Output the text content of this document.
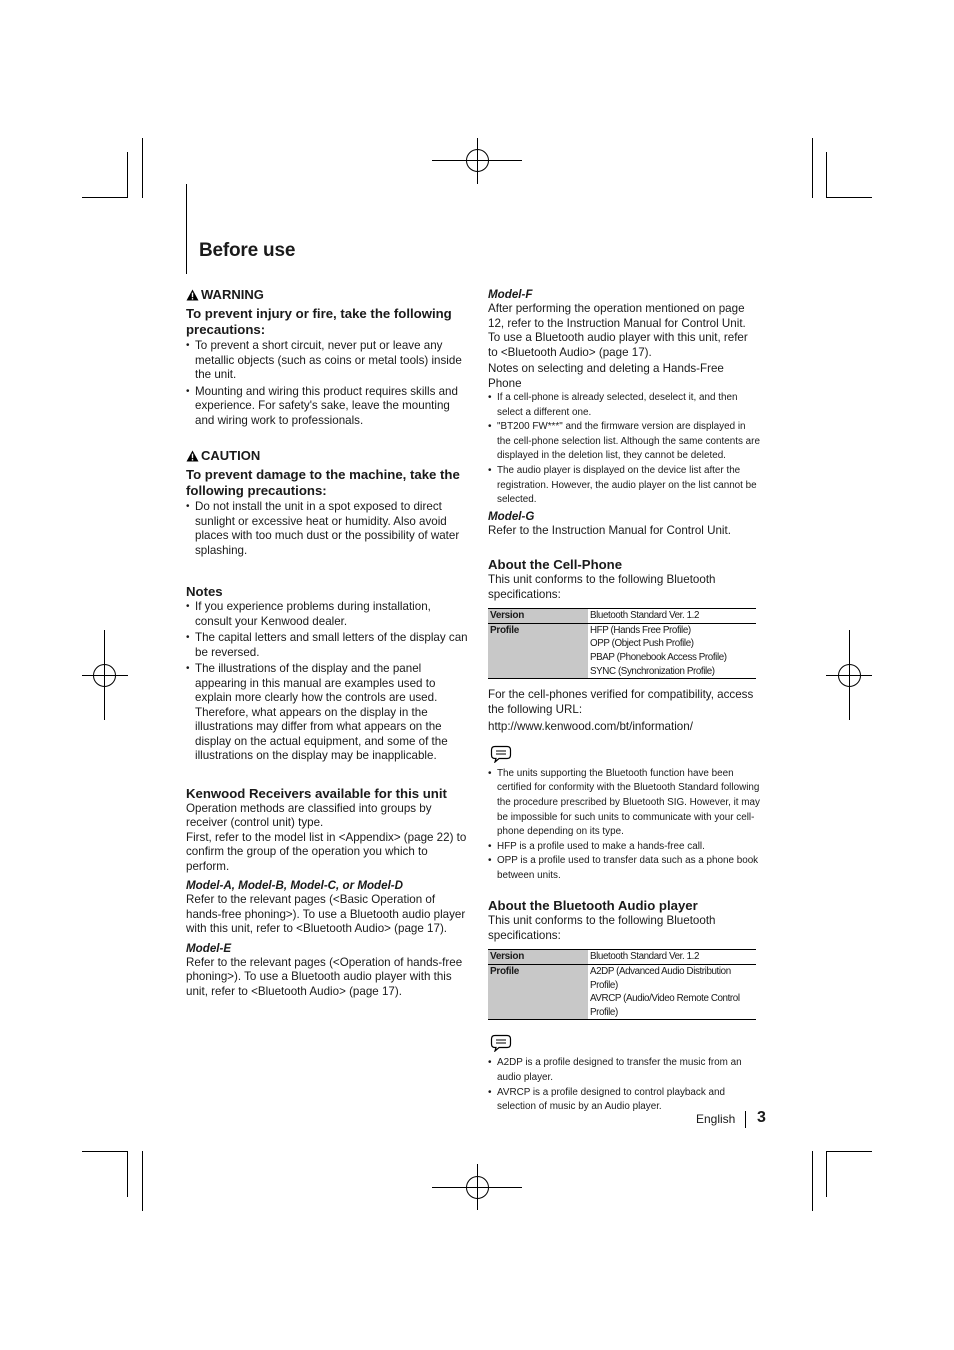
Before use
WARNING
To prevent injury or fire, take the following precautions:
• To prevent a short circuit, never put or leave any metallic objects (such as coins or metal tools) inside the unit.
• Mounting and wiring this product requires skills and experience. For safety's sake, leave the mounting and wiring work to professionals.
CAUTION
To prevent damage to the machine, take the following precautions:
• Do not install the unit in a spot exposed to direct sunlight or excessive heat or humidity. Also avoid places with too much dust or the possibility of water splashing.
Notes
• If you experience problems during installation, consult your Kenwood dealer.
• The capital letters and small letters of the display can be reversed.
• The illustrations of the display and the panel appearing in this manual are examples used to explain more clearly how the controls are used. Therefore, what appears on the display in the illustrations may differ from what appears on the display on the actual equipment, and some of the illustrations on the display may be inapplicable.
Kenwood Receivers available for this unit

Operation methods are classified into groups by receiver (control unit) type.

First, refer to the model list in <Appendix> (page 22) to confirm the group of the operation you which to perform.

Model-A, Model-B, Model-C, or Model-D

Refer to the relevant pages (<Basic Operation of hands-free phoning>). To use a Bluetooth audio player with this unit, refer to <Bluetooth Audio> (page 17).

Model-E

Refer to the relevant pages (<Operation of hands-free phoning>). To use a Bluetooth audio player with this unit, refer to <Bluetooth Audio> (page 17).

Model-F

After performing the operation mentioned on page 12, refer to the Instruction Manual for Control Unit. To use a Bluetooth audio player with this unit, refer to <Bluetooth Audio> (page 17).

Notes on selecting and deleting a Hands-Free Phone

• If a cell-phone is already selected, deselect it, and then select a different one.
• "BT200 FW***" and the firmware version are displayed in the cell-phone selection list. Although the same contents are displayed in the deletion list, they cannot be deleted.
• The audio player is displayed on the device list after the registration. However, the audio player on the list cannot be selected.
Model-G

Refer to the Instruction Manual for Control Unit.

About the Cell-Phone

This unit conforms to the following Bluetooth specifications:

Version	Bluetooth Standard Ver. 1.2
Profile	HFP (Hands Free Profile)
OPP (Object Push Profile)
PBAP (Phonebook Access Profile)
SYNC (Synchronization Profile)

For the cell-phones verified for compatibility, access the following URL:

http://www.kenwood.com/bt/information/

• The units supporting the Bluetooth function have been certified for conformity with the Bluetooth Standard following the procedure prescribed by Bluetooth SIG. However, it may be impossible for such units to communicate with your cell-phone depending on its type.
• HFP is a profile used to make a hands-free call.
• OPP is a profile used to transfer data such as a phone book between units.
About the Bluetooth Audio player

This unit conforms to the following Bluetooth specifications:

Version	Bluetooth Standard Ver. 1.2
Profile	A2DP (Advanced Audio Distribution Profile)
AVRCP (Audio/Video Remote Control Profile)
• A2DP is a profile designed to transfer the music from an audio player.
• AVRCP is a profile designed to control playback and selection of music by an Audio player.
English 3
